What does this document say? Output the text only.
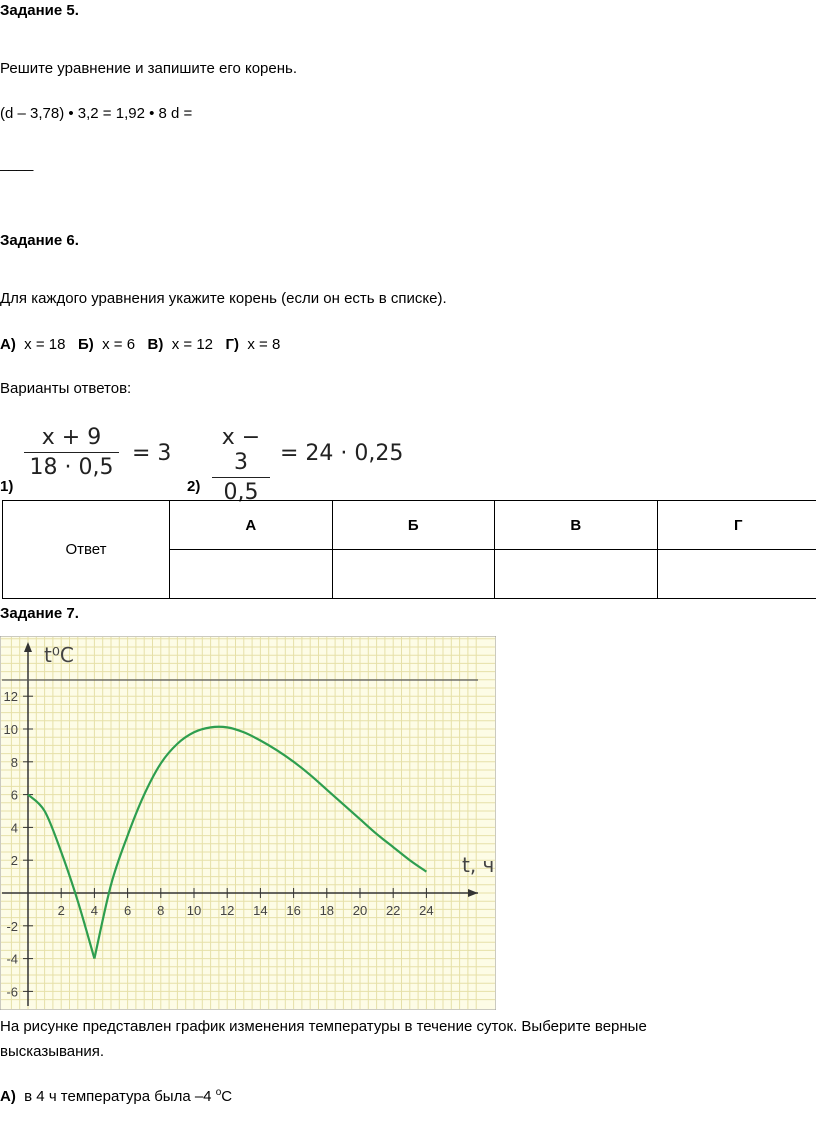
Задание 5.
Решите уравнение и запишите его корень.
(d – 3,78) • 3,2 = 1,92 • 8 d =
____
Задание 6.
Для каждого уравнения укажите корень (если он есть в списке).
А) x = 18 Б) x = 6 В) x = 12 Г) x = 8
Варианты ответов:
1)
x + 9
18 · 0,5
= 3
2)
x − 3
0,5
= 24 · 0,25
Ответ	А	Б	В	Г

Задание 7.
2 4 6 8 10 12 14 16 18 20 22 24
-6
-4
-2
2
4
6
8
10
12
t⁰C
t, ч
На рисунке представлен график изменения температуры в течение суток. Выберите верные
высказывания.
А) в 4 ч температура была –4 $^o$С
